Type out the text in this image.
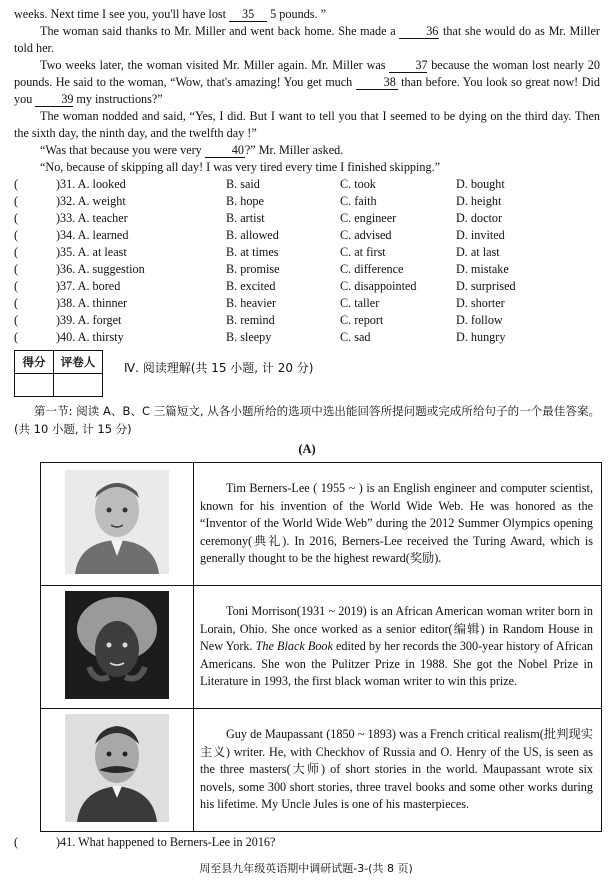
weeks. Next time I see you, you'll have lost 35 5 pounds. ”

The woman said thanks to Mr. Miller and went back home. She made a 36 that she would do as Mr. Miller told her.

Two weeks later, the woman visited Mr. Miller again. Mr. Miller was 37 because the woman lost nearly 20 pounds. He said to the woman, “Wow, that's amazing! You get much 38 than before. You look so great now! Did you 39 my instructions?”

The woman nodded and said, “Yes, I did. But I want to tell you that I seemed to be dying on the third day. Then the sixth day, the ninth day, and the twelfth day !”

“Was that because you were very 40?” Mr. Miller asked.

“No, because of skipping all day! I was very tired every time I finished skipping.”

(	)31. A. looked	B. said	C. took	D. bought
(	)32. A. weight	B. hope	C. faith	D. height
(	)33. A. teacher	B. artist	C. engineer	D. doctor
(	)34. A. learned	B. allowed	C. advised	D. invited
(	)35. A. at least	B. at times	C. at first	D. at last
(	)36. A. suggestion	B. promise	C. difference	D. mistake
(	)37. A. bored	B. excited	C. disappointed	D. surprised
(	)38. A. thinner	B. heavier	C. taller	D. shorter
(	)39. A. forget	B. remind	C. report	D. follow
(	)40. A. thirsty	B. sleepy	C. sad	D. hungry
得分	评卷人
	Ⅳ. 阅读理解(共 15 小题, 计 20 分)

第一节: 阅读 A、B、C 三篇短文, 从各小题所给的选项中选出能回答所提问题或完成所给句子的一个最佳答案。(共 10 小题, 计 15 分)

(A)

Tim Berners-Lee ( 1955 ~ ) is an English engineer and computer scientist, known for his invention of the World Wide Web. He was honored as the “Inventor of the World Wide Web” during the 2012 Summer Olympics opening ceremony(典礼). In 2016, Berners-Lee received the Turing Award, which is generally thought to be the highest reward(奖励).

Toni Morrison(1931 ~ 2019) is an African American woman writer born in Lorain, Ohio. She once worked as a senior editor(编辑) in Random House in New York. The Black Book edited by her records the 300-year history of African Americans. She won the Pulitzer Prize in 1988. She got the Nobel Prize in Literature in 1993, the first black woman writer to win this prize.

Guy de Maupassant (1850 ~ 1893) was a French critical realism(批判现实主义) writer. He, with Checkhov of Russia and O. Henry of the US, is seen as the three masters(大师) of short stories in the world. Maupassant wrote six novels, some 300 short stories, three travel books and some other works during his lifetime. My Uncle Jules is one of his masterpieces.

(	)41. What happened to Berners-Lee in 2016?
周至县九年级英语期中调研试题-3-(共 8 页)
